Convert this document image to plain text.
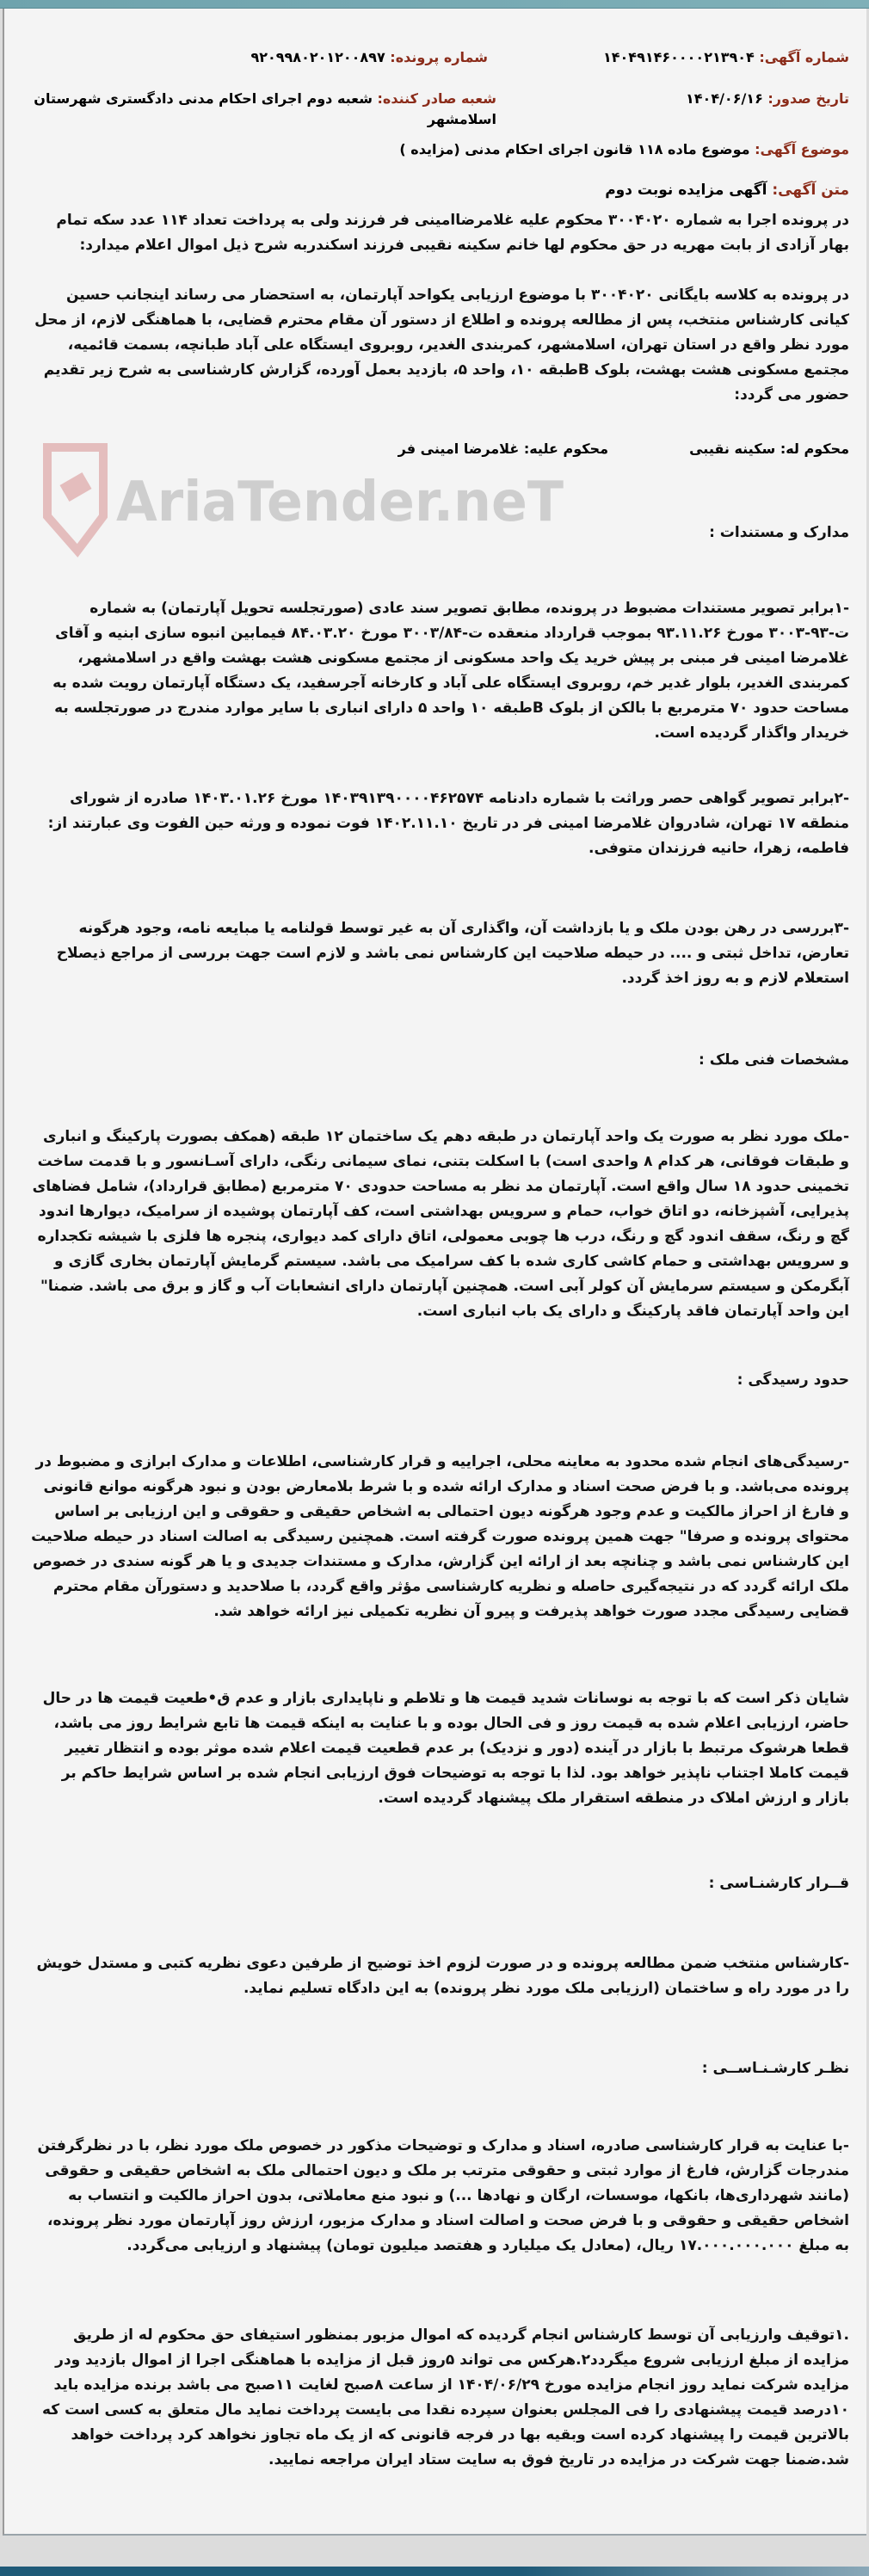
شماره آگهی: ۱۴۰۴۹۱۴۶۰۰۰۰۲۱۳۹۰۴
شماره پرونده: ۹۲۰۹۹۸۰۲۰۱۲۰۰۸۹۷
تاریخ صدور: ۱۴۰۴/۰۶/۱۶
شعبه صادر کننده: شعبه دوم اجرای احکام مدنی دادگستری شهرستان اسلامشهر
موضوع آگهی: موضوع ماده ۱۱۸ قانون اجرای احکام مدنی (مزایده )
متن آگهی: آگهی مزایده نوبت دوم
در پرونده اجرا به شماره ۳۰۰۴۰۲۰ محکوم علیه غلامرضاامینی فر فرزند ولی به پرداخت تعداد ۱۱۴ عدد سکه تمام بهار آزادی از بابت مهریه در حق محکوم لها خانم سکینه نقیبی فرزند اسکندربه شرح ذیل اموال اعلام میدارد:
در پرونده به کلاسه بایگانی ۳۰۰۴۰۲۰ با موضوع ارزیابی یکواحد آپارتمان، به استحضار می رساند اینجانب حسین کیانی کارشناس منتخب، پس از مطالعه پرونده و اطلاع از دستور آن مقام محترم قضایی، با هماهنگی لازم، از محل مورد نظر واقع در استان تهران، اسلامشهر، کمربندی الغدیر، روبروی ایستگاه علی آباد طبانچه، بسمت قائمیه، مجتمع مسکونی هشت بهشت، بلوک Bطبقه ۱۰، واحد ۵، بازدید بعمل آورده، گزارش کارشناسی به شرح زیر تقدیم حضور می گردد:
AriaTender.neT
محکوم له: سکینه نقیبی
محکوم علیه: غلامرضا امینی فر
مدارک و مستندات :
-۱برابر تصویر مستندات مضبوط در پرونده، مطابق تصویر سند عادی (صورتجلسه تحویل آپارتمان) به شماره ت-۹۳-۳۰۰۳ مورخ ۹۳.۱۱.۲۶ بموجب قرارداد منعقده ت-۳۰۰۳/۸۴ مورخ ۸۴.۰۳.۲۰ فیمابین انبوه سازی ابنیه و آقای غلامرضا امینی فر مبنی بر پیش خرید یک واحد مسکونی از مجتمع مسکونی هشت بهشت واقع در اسلامشهر، کمربندی الغدیر، بلوار غدیر خم، روبروی ایستگاه علی آباد و کارخانه آجرسفید، یک دستگاه آپارتمان رویت شده به مساحت حدود ۷۰ مترمربع با بالکن از بلوک Bطبقه ۱۰ واحد ۵ دارای انباری با سایر موارد مندرج در صورتجلسه به خریدار واگذار گردیده است.
-۲برابر تصویر گواهی حصر وراثت با شماره دادنامه ۱۴۰۳۹۱۳۹۰۰۰۰۴۶۲۵۷۴ مورخ ۱۴۰۳.۰۱.۲۶ صادره از شورای منطقه ۱۷ تهران، شادروان غلامرضا امینی فر در تاریخ ۱۴۰۲.۱۱.۱۰ فوت نموده و ورثه حین الفوت وی عبارتند از: فاطمه، زهرا، حانیه فرزندان متوفی.
-۳بررسی در رهن بودن ملک و یا بازداشت آن، واگذاری آن به غیر توسط قولنامه یا مبایعه نامه، وجود هرگونه تعارض، تداخل ثبتی و .... در حیطه صلاحیت این کارشناس نمی باشد و لازم است جهت بررسی از مراجع ذیصلاح استعلام لازم و به روز اخذ گردد.
مشخصات فنی ملک :
-ملک مورد نظر به صورت یک واحد آپارتمان در طبقه دهم یک ساختمان ۱۲ طبقه (همکف بصورت پارکینگ و انباری و طبقات فوقانی، هر کدام ۸ واحدی است) با اسکلت بتنی، نمای سیمانی رنگی، دارای آسـانسور و با قدمت ساخت تخمینی حدود ۱۸ سال واقع است. آپارتمان مد نظر به مساحت حدودی ۷۰ مترمربع (مطابق قرارداد)، شامل فضاهای پذیرایی، آشپزخانه، دو اتاق خواب، حمام و سرویس بهداشتی است، کف آپارتمان پوشیده از سرامیک، دیوارها اندود گچ و رنگ، سقف اندود گچ و رنگ، درب ها چوبی معمولی، اتاق دارای کمد دیواری، پنجره ها فلزی با شیشه تکجداره و سرویس بهداشتی و حمام کاشی کاری شده با کف سرامیک می باشد. سیستم گرمایش آپارتمان بخاری گازی و آبگرمکن و سیستم سرمایش آن کولر آبی است. همچنین آپارتمان دارای انشعابات آب و گاز و برق می باشد. ضمنا" این واحد آپارتمان فاقد پارکینگ و دارای یک باب انباری است.
حدود رسیدگی :
-رسیدگی‌های انجام شده محدود به معاینه محلی، اجراییه و قرار کارشناسی، اطلاعات و مدارک ابرازی و مضبوط در پرونده می‌باشد. و با فرض صحت اسناد و مدارک ارائه شده و با شرط بلامعارض بودن و نبود هرگونه موانع قانونی و فارغ از احراز مالکیت و عدم وجود هرگونه دیون احتمالی به اشخاص حقیقی و حقوقی و این ارزیابی بر اساس محتوای پرونده و صرفا" جهت همین پرونده صورت گرفته است. همچنین رسیدگی به اصالت اسناد در حیطه صلاحیت این کارشناس نمی باشد و چنانچه بعد از ارائه این گزارش، مدارک و مستندات جدیدی و یا هر گونه سندی در خصوص ملک ارائه گردد که در نتیجه‌گیری حاصله و نظریه کارشناسی مؤثر واقع گردد، با صلاحدید و دستورآن مقام محترم قضایی رسیدگی مجدد صورت خواهد پذیرفت و پیرو آن نظریه تکمیلی نیز ارائه خواهد شد.
شایان ذکر است که با توجه به نوسانات شدید قیمت ها و تلاطم و ناپایداری بازار و عدم ق•طعیت قیمت ها در حال حاضر، ارزیابی اعلام شده به قیمت روز و فی الحال بوده و با عنایت به اینکه قیمت ها تابع شرایط روز می باشد، قطعا هرشوک مرتبط با بازار در آینده (دور و نزدیک) بر عدم قطعیت قیمت اعلام شده موثر بوده و انتظار تغییر قیمت کاملا اجتناب ناپذیر خواهد بود. لذا با توجه به توضیحات فوق ارزیابی انجام شده بر اساس شرایط حاکم بر بازار و ارزش املاک در منطقه استقرار ملک پیشنهاد گردیده است.
قــرار کارشنـاسی :
-کارشناس منتخب ضمن مطالعه پرونده و در صورت لزوم اخذ توضیح از طرفین دعوی نظریه کتبی و مستدل خویش را در مورد راه و ساختمان (ارزیابی ملک مورد نظر پرونده) به این دادگاه تسلیم نماید.
نظـر کارشـنـاســی :
-با عنایت به قرار کارشناسی صادره، اسناد و مدارک و توضیحات مذکور در خصوص ملک مورد نظر، با در نظرگرفتن مندرجات گزارش، فارغ از موارد ثبتی و حقوقی مترتب بر ملک و دیون احتمالی ملک به اشخاص حقیقی و حقوقی (مانند شهرداری‌ها، بانکها، موسسات، ارگان و نهادها ...) و نبود منع معاملاتی، بدون احراز مالکیت و انتساب به اشخاص حقیقی و حقوقی و با فرض صحت و اصالت اسناد و مدارک مزبور، ارزش روز آپارتمان مورد نظر پرونده، به مبلغ ۱۷.۰۰۰.۰۰۰.۰۰۰ ریال، (معادل یک میلیارد و هفتصد میلیون تومان) پیشنهاد و ارزیابی می‌گردد.
.۱توقیف وارزیابی آن توسط کارشناس انجام گردیده که اموال مزبور بمنظور استیفای حق محکوم له از طریق مزایده از مبلغ ارزیابی شروع میگردد۲.هرکس می تواند ۵روز قبل از مزایده با هماهنگی اجرا از اموال بازدید ودر مزایده شرکت نماید روز انجام مزایده مورخ ۱۴۰۴/۰۶/۲۹ از ساعت ۸صبح لغایت ۱۱صبح می باشد برنده مزایده باید ۱۰درصد قیمت پیشنهادی را فی المجلس بعنوان سپرده نقدا می بایست پرداخت نماید مال متعلق به کسی است که بالاترین قیمت را پیشنهاد کرده است وبقیه بها در فرجه قانونی که از یک ماه تجاوز نخواهد کرد پرداخت خواهد شد.ضمنا جهت شرکت در مزایده در تاریخ فوق به سایت ستاد ایران مراجعه نمایید.
